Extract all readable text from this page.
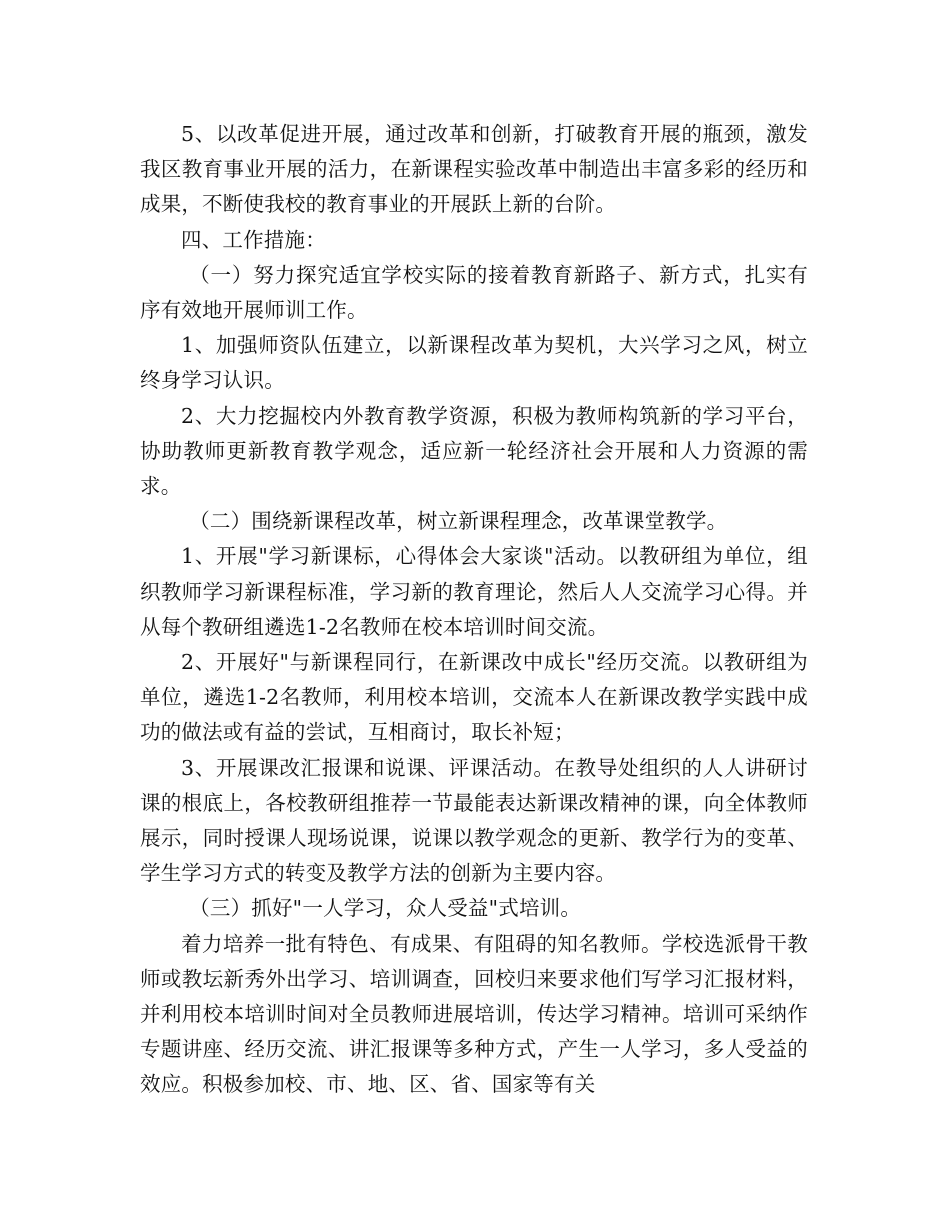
5、以改革促进开展，通过改革和创新，打破教育开展的瓶颈，激发我区教育事业开展的活力，在新课程实验改革中制造出丰富多彩的经历和成果，不断使我校的教育事业的开展跃上新的台阶。

四、工作措施：

（一）努力探究适宜学校实际的接着教育新路子、新方式，扎实有序有效地开展师训工作。

1、加强师资队伍建立，以新课程改革为契机，大兴学习之风，树立终身学习认识。

2、大力挖掘校内外教育教学资源，积极为教师构筑新的学习平台，协助教师更新教育教学观念，适应新一轮经济社会开展和人力资源的需求。

（二）围绕新课程改革，树立新课程理念，改革课堂教学。

1、开展"学习新课标，心得体会大家谈"活动。以教研组为单位，组织教师学习新课程标准，学习新的教育理论，然后人人交流学习心得。并从每个教研组遴选1-2名教师在校本培训时间交流。

2、开展好"与新课程同行，在新课改中成长"经历交流。以教研组为单位，遴选1-2名教师，利用校本培训，交流本人在新课改教学实践中成功的做法或有益的尝试，互相商讨，取长补短；

3、开展课改汇报课和说课、评课活动。在教导处组织的人人讲研讨课的根底上，各校教研组推荐一节最能表达新课改精神的课，向全体教师展示，同时授课人现场说课，说课以教学观念的更新、教学行为的变革、学生学习方式的转变及教学方法的创新为主要内容。

（三）抓好"一人学习，众人受益"式培训。

着力培养一批有特色、有成果、有阻碍的知名教师。学校选派骨干教师或教坛新秀外出学习、培训调查，回校归来要求他们写学习汇报材料，并利用校本培训时间对全员教师进展培训，传达学习精神。培训可采纳作专题讲座、经历交流、讲汇报课等多种方式，产生一人学习，多人受益的效应。积极参加校、市、地、区、省、国家等有关
